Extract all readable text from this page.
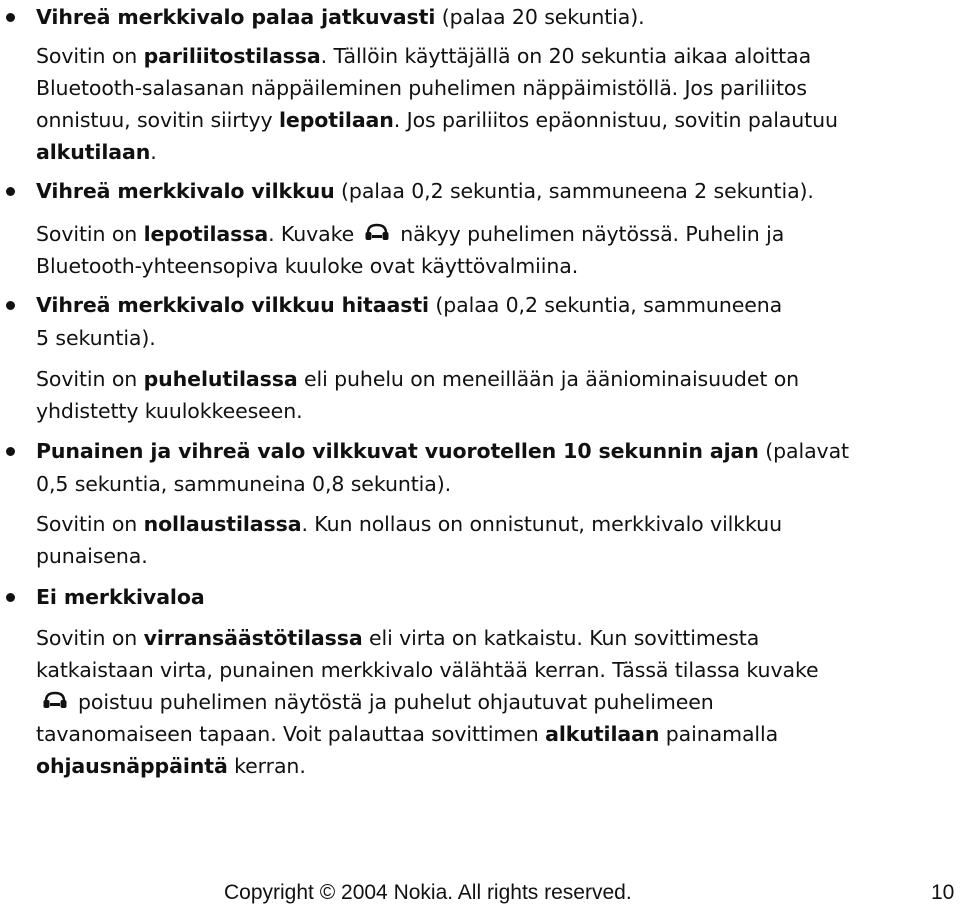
Vihreä merkkivalo palaa jatkuvasti (palaa 20 sekuntia).
Sovitin on pariliitostilassa. Tällöin käyttäjällä on 20 sekuntia aikaa aloittaa
Bluetooth-salasanan näppäileminen puhelimen näppäimistöllä. Jos pariliitos
onnistuu, sovitin siirtyy lepotilaan. Jos pariliitos epäonnistuu, sovitin palautuu
alkutilaan.
Vihreä merkkivalo vilkkuu (palaa 0,2 sekuntia, sammuneena 2 sekuntia).
Sovitin on lepotilassa. Kuvake näkyy puhelimen näytössä. Puhelin ja
Bluetooth-yhteensopiva kuuloke ovat käyttövalmiina.
Vihreä merkkivalo vilkkuu hitaasti (palaa 0,2 sekuntia, sammuneena
5 sekuntia).
Sovitin on puhelutilassa eli puhelu on meneillään ja ääniominaisuudet on
yhdistetty kuulokkeeseen.
Punainen ja vihreä valo vilkkuvat vuorotellen 10 sekunnin ajan (palavat
0,5 sekuntia, sammuneina 0,8 sekuntia).
Sovitin on nollaustilassa. Kun nollaus on onnistunut, merkkivalo vilkkuu
punaisena.
Ei merkkivaloa
Sovitin on virransäästötilassa eli virta on katkaistu. Kun sovittimesta
katkaistaan virta, punainen merkkivalo välähtää kerran. Tässä tilassa kuvake
poistuu puhelimen näytöstä ja puhelut ohjautuvat puhelimeen
tavanomaiseen tapaan. Voit palauttaa sovittimen alkutilaan painamalla
ohjausnäppäintä kerran.
Copyright © 2004 Nokia. All rights reserved.	10
